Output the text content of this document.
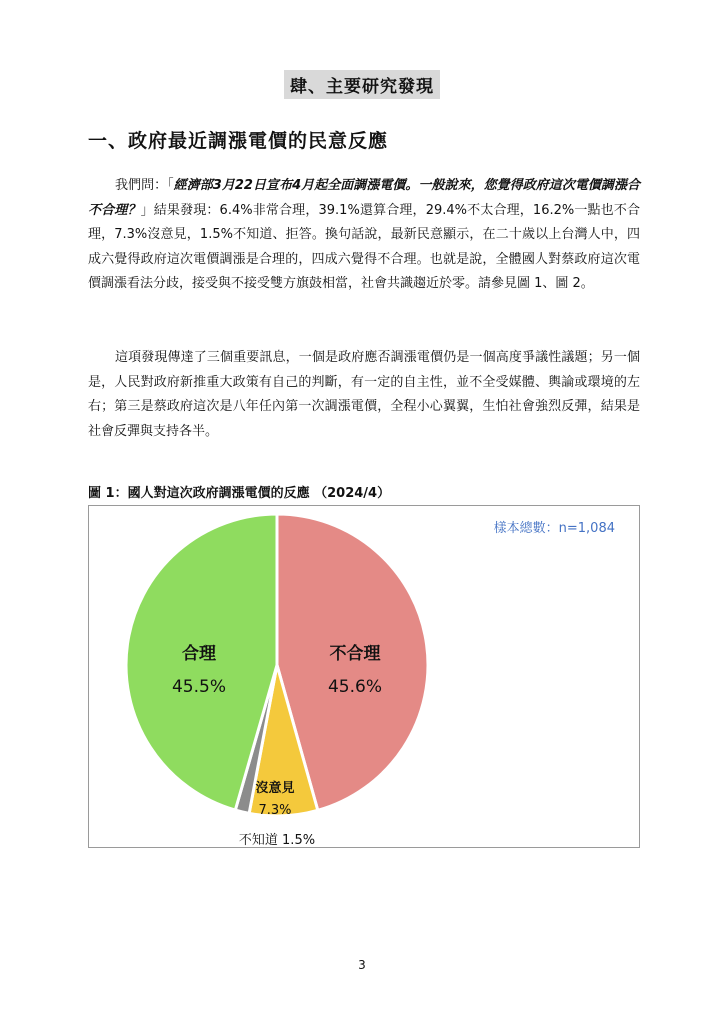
肆、主要研究發現
一、政府最近調漲電價的民意反應
我們問：「經濟部3月22日宣布4月起全面調漲電價。一般說來，您覺得政府這次電價調漲合不合理？」結果發現：6.4%非常合理，39.1%還算合理，29.4%不太合理，16.2%一點也不合理，7.3%沒意見，1.5%不知道、拒答。換句話說，最新民意顯示，在二十歲以上台灣人中，四成六覺得政府這次電價調漲是合理的，四成六覺得不合理。也就是說，全體國人對蔡政府這次電價調漲看法分歧，接受與不接受雙方旗鼓相當，社會共識趨近於零。請參見圖 1、圖 2。
這項發現傳達了三個重要訊息，一個是政府應否調漲電價仍是一個高度爭議性議題；另一個是，人民對政府新推重大政策有自己的判斷，有一定的自主性，並不全受媒體、輿論或環境的左右；第三是蔡政府這次是八年任內第一次調漲電價，全程小心翼翼，生怕社會強烈反彈，結果是社會反彈與支持各半。
圖 1：國人對這次政府調漲電價的反應 （2024/4）
不合理
45.6%
沒意見
7.3%
不知道 1.5%
合理
45.5%
樣本總數：n=1,084
3
